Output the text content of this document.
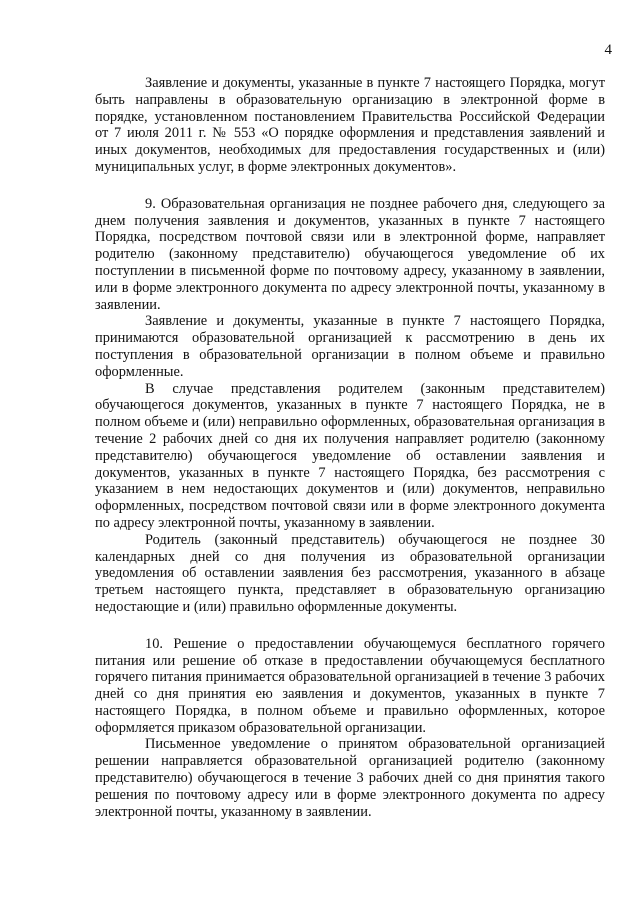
4

Заявление и документы, указанные в пункте 7 настоящего Порядка, могут быть направлены в образовательную организацию в электронной форме в порядке, установленном постановлением Правительства Российской Федерации от 7 июля 2011 г. № 553 «О порядке оформления и представления заявлений и иных документов, необходимых для предоставления государственных и (или) муниципальных услуг, в форме электронных документов».

9. Образовательная организация не позднее рабочего дня, следующего за днем получения заявления и документов, указанных в пункте 7 настоящего Порядка, посредством почтовой связи или в электронной форме, направляет родителю (законному представителю) обучающегося уведомление об их поступлении в письменной форме по почтовому адресу, указанному в заявлении, или в форме электронного документа по адресу электронной почты, указанному в заявлении.

Заявление и документы, указанные в пункте 7 настоящего Порядка, принимаются образовательной организацией к рассмотрению в день их поступления в образовательной организации в полном объеме и правильно оформленные.

В случае представления родителем (законным представителем) обучающегося документов, указанных в пункте 7 настоящего Порядка, не в полном объеме и (или) неправильно оформленных, образовательная организация в течение 2 рабочих дней со дня их получения направляет родителю (законному представителю) обучающегося уведомление об оставлении заявления и документов, указанных в пункте 7 настоящего Порядка, без рассмотрения с указанием в нем недостающих документов и (или) документов, неправильно оформленных, посредством почтовой связи или в форме электронного документа по адресу электронной почты, указанному в заявлении.

Родитель (законный представитель) обучающегося не позднее 30 календарных дней со дня получения из образовательной организации уведомления об оставлении заявления без рассмотрения, указанного в абзаце третьем настоящего пункта, представляет в образовательную организацию недостающие и (или) правильно оформленные документы.

10. Решение о предоставлении обучающемуся бесплатного горячего питания или решение об отказе в предоставлении обучающемуся бесплатного горячего питания принимается образовательной организацией в течение 3 рабочих дней со дня принятия ею заявления и документов, указанных в пункте 7 настоящего Порядка, в полном объеме и правильно оформленных, которое оформляется приказом образовательной организации.

Письменное уведомление о принятом образовательной организацией решении направляется образовательной организацией родителю (законному представителю) обучающегося в течение 3 рабочих дней со дня принятия такого решения по почтовому адресу или в форме электронного документа по адресу электронной почты, указанному в заявлении.
